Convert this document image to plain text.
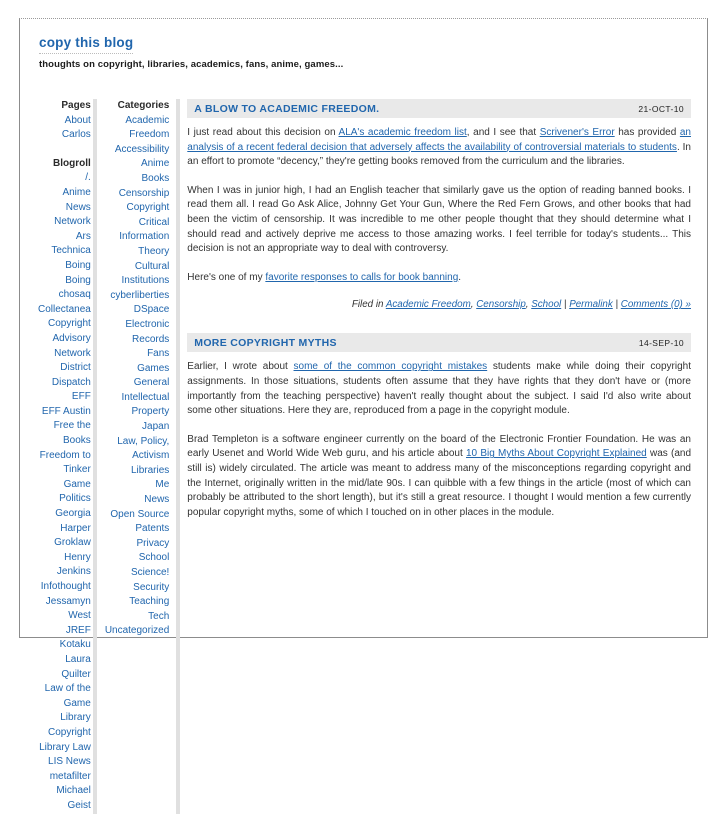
copy this blog
thoughts on copyright, libraries, academics, fans, anime, games...
Pages
About Carlos
Blogroll
/.
Anime News Network
Ars Technica
Boing Boing
chosaq
Collectanea
Copyright Advisory Network
District Dispatch
EFF
EFF Austin
Free the Books
Freedom to Tinker
Game Politics
Georgia Harper
Groklaw
Henry Jenkins
Infothought
Jessamyn West
JREF
Kotaku
Laura Quilter
Law of the Game
Library Copyright
Library Law
LIS News
metafilter
Michael Geist
Categories
Academic Freedom
Accessibility
Anime
Books
Censorship
Copyright
Critical Information Theory
Cultural Institutions
cyberliberties
DSpace
Electronic Records
Fans
Games
General
Intellectual Property
Japan
Law, Policy, Activism
Libraries
Me
News
Open Source
Patents
Privacy
School
Science!
Security
Teaching
Tech
Uncategorized
A BLOW TO ACADEMIC FREEDOM.	21-OCT-10

I just read about this decision on ALA's academic freedom list, and I see that Scrivener's Error has provided an analysis of a recent federal decision that adversely affects the availability of controversial materials to students. In an effort to promote “decency,” they're getting books removed from the curriculum and the libraries.

When I was in junior high, I had an English teacher that similarly gave us the option of reading banned books. I read them all. I read Go Ask Alice, Johnny Get Your Gun, Where the Red Fern Grows, and other books that had been the victim of censorship. It was incredible to me other people thought that they should determine what I should read and actively deprive me access to those amazing works. I feel terrible for today's students... This decision is not an appropriate way to deal with controversy.

Here's one of my favorite responses to calls for book banning.

Filed in Academic Freedom, Censorship, School | Permalink | Comments (0) »
MORE COPYRIGHT MYTHS	14-SEP-10

Earlier, I wrote about some of the common copyright mistakes students make while doing their copyright assignments. In those situations, students often assume that they have rights that they don't have or (more importantly from the teaching perspective) haven't really thought about the subject. I said I'd also write about some other situations. Here they are, reproduced from a page in the copyright module.

Brad Templeton is a software engineer currently on the board of the Electronic Frontier Foundation. He was an early Usenet and World Wide Web guru, and his article about 10 Big Myths About Copyright Explained was (and still is) widely circulated. The article was meant to address many of the misconceptions regarding copyright and the Internet, originally written in the mid/late 90s. I can quibble with a few things in the article (most of which can probably be attributed to the short length), but it's still a great resource. I thought I would mention a few currently popular copyright myths, some of which I touched on in other places in the module.
